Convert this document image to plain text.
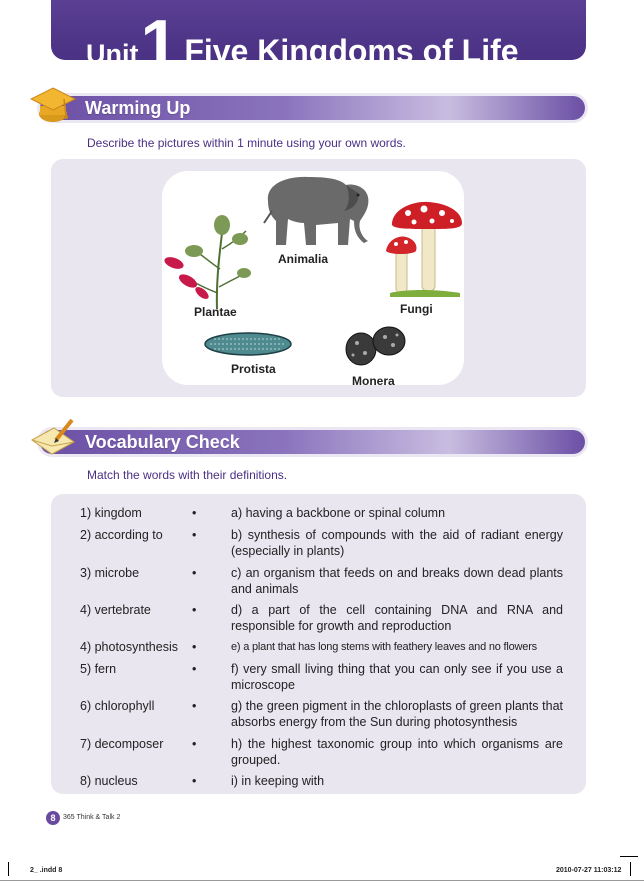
Unit 1 Five Kingdoms of Life
Warming Up
Describe the pictures within 1 minute using your own words.
Animalia
Fungi
Plantae
Protista
Monera
Vocabulary Check
Match the words with their definitions.
1) kingdom	•	a) having a backbone or spinal column
2) according to	•	b) synthesis of compounds with the aid of radiant energy (especially in plants)
3) microbe	•	c) an organism that feeds on and breaks down dead plants and animals
4) vertebrate	•	d) a part of the cell containing DNA and RNA and responsible for growth and reproduction
4) photosynthesis	•	e) a plant that has long stems with feathery leaves and no flowers
5) fern	•	f) very small living thing that you can only see if you use a microscope
6) chlorophyll	•	g) the green pigment in the chloroplasts of green plants that absorbs energy from the Sun during photosynthesis
7) decomposer	•	h) the highest taxonomic group into which organisms are grouped.
8) nucleus	•	i) in keeping with
8	365 Think & Talk 2
2_ .indd 8	2010-07-27 11:03:12
